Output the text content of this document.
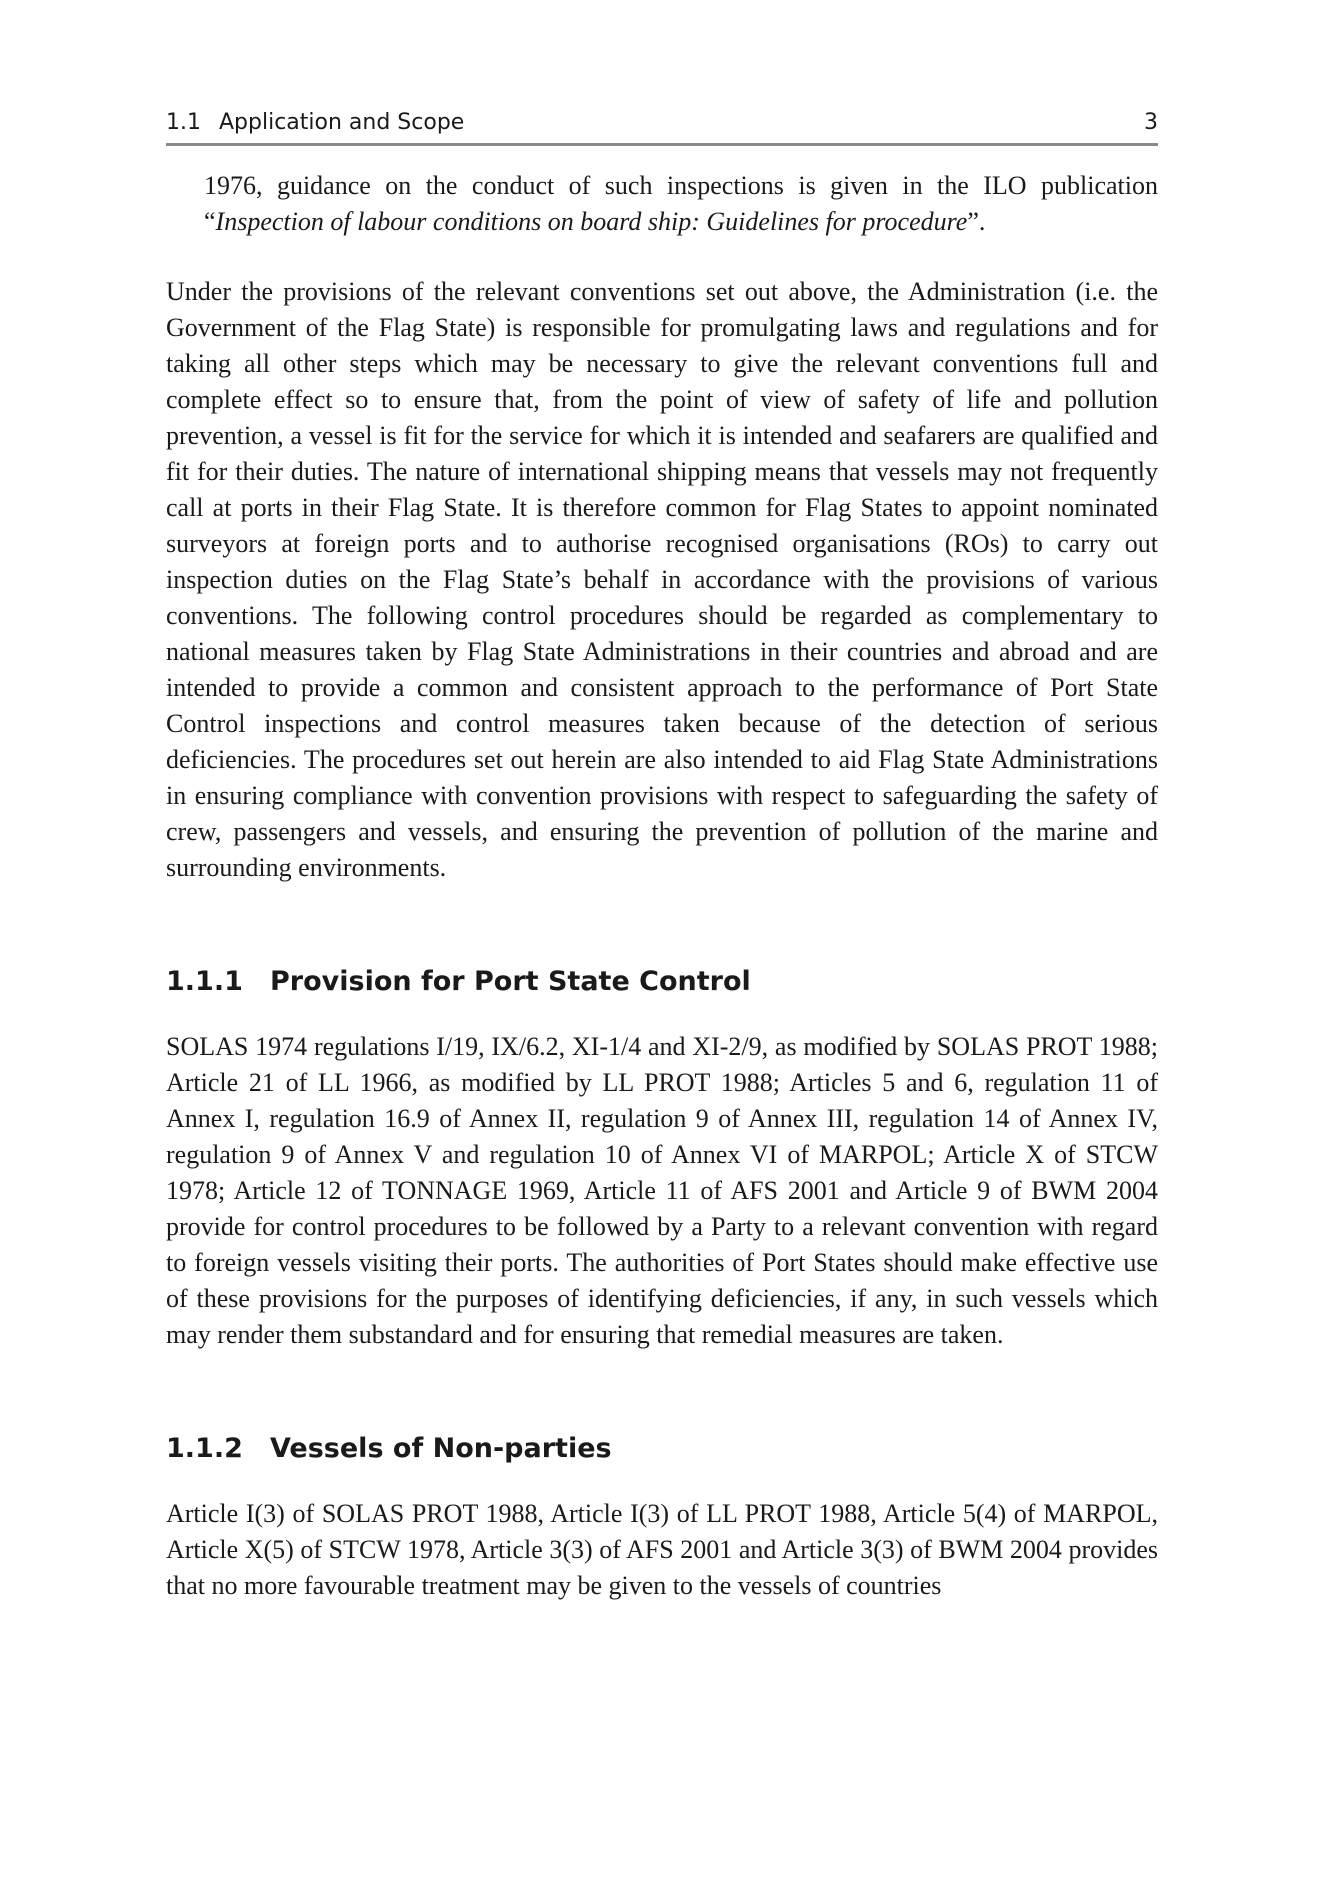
1.1 Application and Scope	3

1976, guidance on the conduct of such inspections is given in the ILO publication “Inspection of labour conditions on board ship: Guidelines for procedure”.

Under the provisions of the relevant conventions set out above, the Administration (i.e. the Government of the Flag State) is responsible for promulgating laws and regulations and for taking all other steps which may be necessary to give the relevant conventions full and complete effect so to ensure that, from the point of view of safety of life and pollution prevention, a vessel is fit for the service for which it is intended and seafarers are qualified and fit for their duties. The nature of international shipping means that vessels may not frequently call at ports in their Flag State. It is therefore common for Flag States to appoint nominated surveyors at foreign ports and to authorise recognised organisations (ROs) to carry out inspection duties on the Flag State’s behalf in accordance with the provisions of various conventions. The following control procedures should be regarded as complementary to national measures taken by Flag State Administrations in their countries and abroad and are intended to provide a common and consistent approach to the performance of Port State Control inspections and control measures taken because of the detection of serious deficiencies. The procedures set out herein are also intended to aid Flag State Administrations in ensuring compliance with convention provisions with respect to safeguarding the safety of crew, passengers and vessels, and ensuring the prevention of pollution of the marine and surrounding environments.

1.1.1	Provision for Port State Control

SOLAS 1974 regulations I/19, IX/6.2, XI-1/4 and XI-2/9, as modified by SOLAS PROT 1988; Article 21 of LL 1966, as modified by LL PROT 1988; Articles 5 and 6, regulation 11 of Annex I, regulation 16.9 of Annex II, regulation 9 of Annex III, regulation 14 of Annex IV, regulation 9 of Annex V and regulation 10 of Annex VI of MARPOL; Article X of STCW 1978; Article 12 of TONNAGE 1969, Article 11 of AFS 2001 and Article 9 of BWM 2004 provide for control procedures to be followed by a Party to a relevant convention with regard to foreign vessels visiting their ports. The authorities of Port States should make effective use of these provisions for the purposes of identifying deficiencies, if any, in such vessels which may render them substandard and for ensuring that remedial measures are taken.

1.1.2	Vessels of Non-parties

Article I(3) of SOLAS PROT 1988, Article I(3) of LL PROT 1988, Article 5(4) of MARPOL, Article X(5) of STCW 1978, Article 3(3) of AFS 2001 and Article 3(3) of BWM 2004 provides that no more favourable treatment may be given to the vessels of countries
